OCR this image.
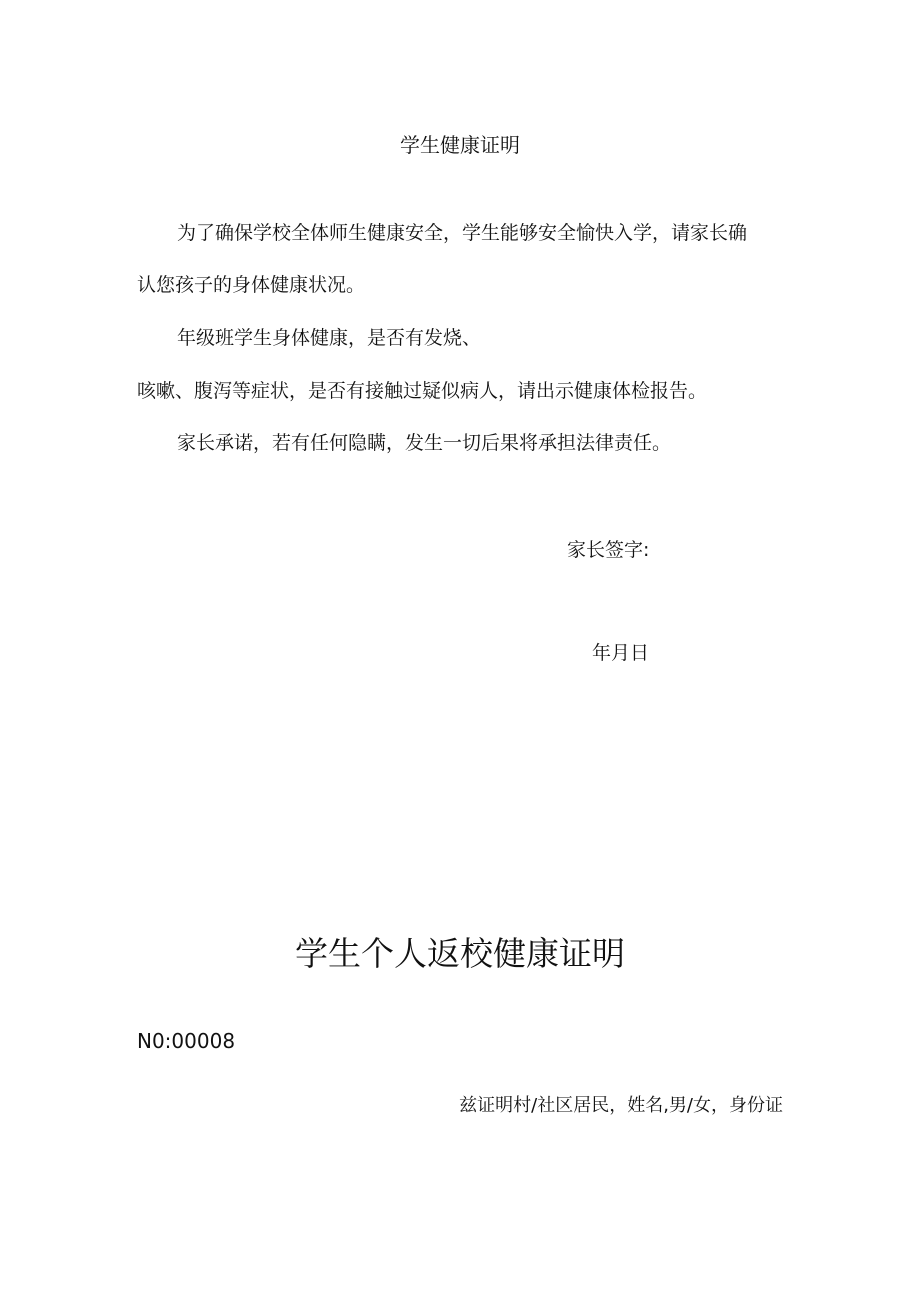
学生健康证明
为了确保学校全体师生健康安全，学生能够安全愉快入学，请家长确
认您孩子的身体健康状况。
年级班学生身体健康，是否有发烧、
咳嗽、腹泻等症状，是否有接触过疑似病人，请出示健康体检报告。
家长承诺，若有任何隐瞒，发生一切后果将承担法律责任。
家长签字:
年月日
学生个人返校健康证明
N0:00008
兹证明村/社区居民，姓名,男/女，身份证
